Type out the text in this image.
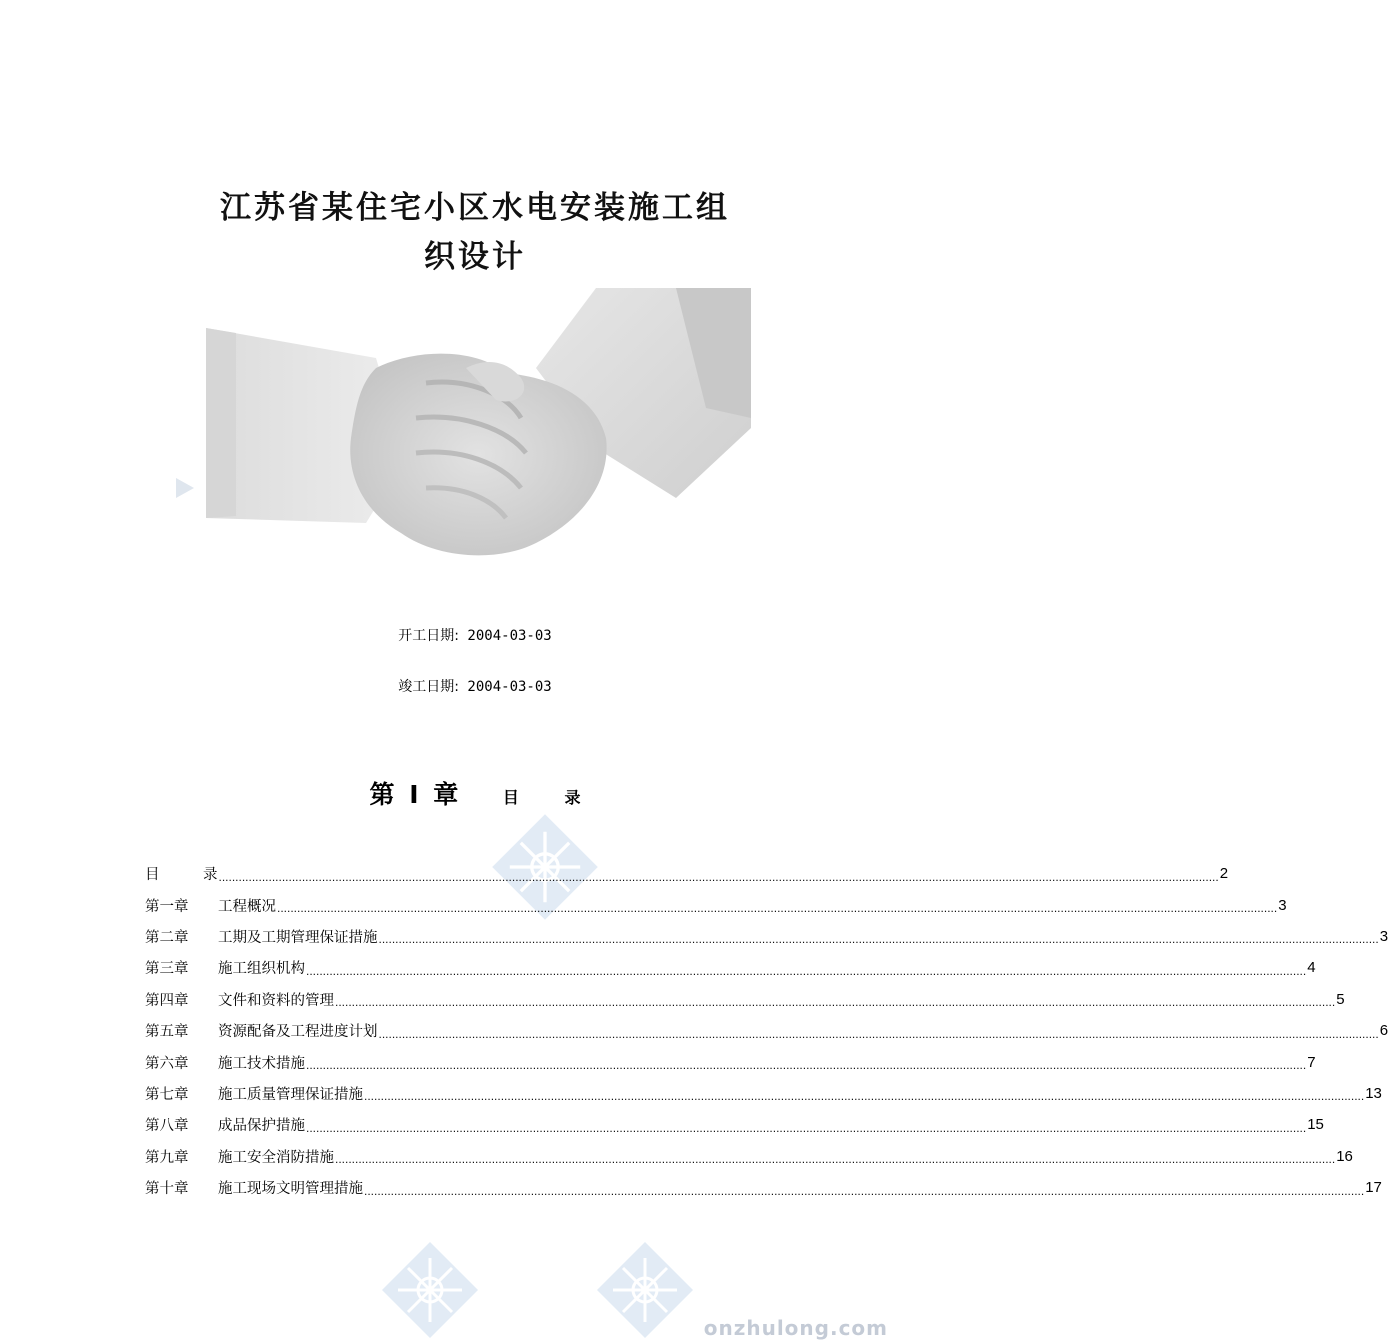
江苏省某住宅小区水电安装施工组
织设计
开工日期: 2004-03-03
竣工日期: 2004-03-03
第 I 章	目	录
目	录 ............................................................................................................................................................................................................................................................................................................ 2
第一章	工程概况 ............................................................................................................................................................................................................................................................................................................ 3
第二章	工期及工期管理保证措施 ............................................................................................................................................................................................................................................................................................................ 3
第三章	施工组织机构 ............................................................................................................................................................................................................................................................................................................ 4
第四章	文件和资料的管理 ............................................................................................................................................................................................................................................................................................................ 5
第五章	资源配备及工程进度计划 ............................................................................................................................................................................................................................................................................................................ 6
第六章	施工技术措施 ............................................................................................................................................................................................................................................................................................................ 7
第七章	施工质量管理保证措施 ............................................................................................................................................................................................................................................................................................................ 13
第八章	成品保护措施 ............................................................................................................................................................................................................................................................................................................ 15
第九章	施工安全消防措施 ............................................................................................................................................................................................................................................................................................................ 16
第十章	施工现场文明管理措施 ............................................................................................................................................................................................................................................................................................................ 17
onzhulong.com
